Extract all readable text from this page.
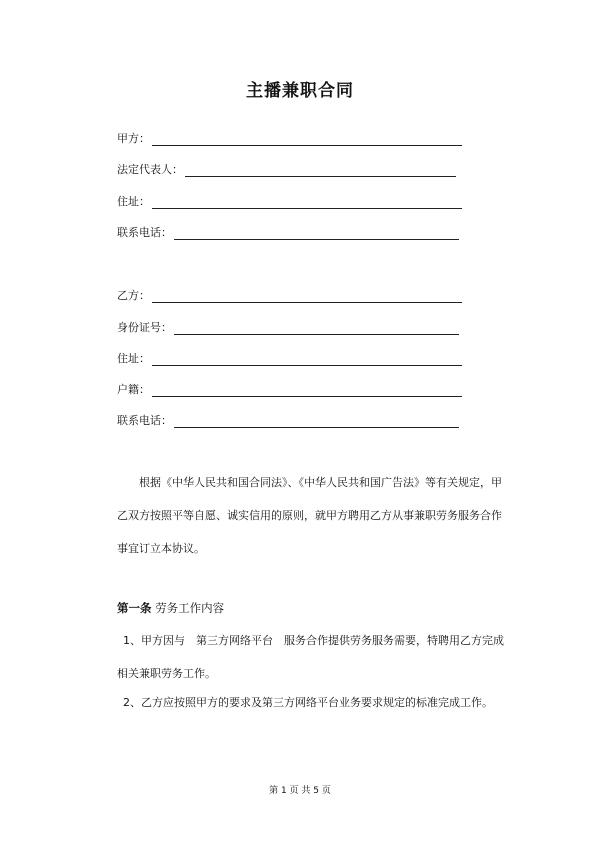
主播兼职合同
甲方：
法定代表人：
住址：
联系电话：
乙方：
身份证号：
住址：
户籍：
联系电话：
根据《中华人民共和国合同法》、《中华人民共和国广告法》等有关规定，甲乙双方按照平等自愿、诚实信用的原则，就甲方聘用乙方从事兼职劳务服务合作事宜订立本协议。
第一条 劳务工作内容
1、甲方因与　第三方网络平台　服务合作提供劳务服务需要，特聘用乙方完成相关兼职劳务工作。
2、乙方应按照甲方的要求及第三方网络平台业务要求规定的标准完成工作。
第 1 页 共 5 页
